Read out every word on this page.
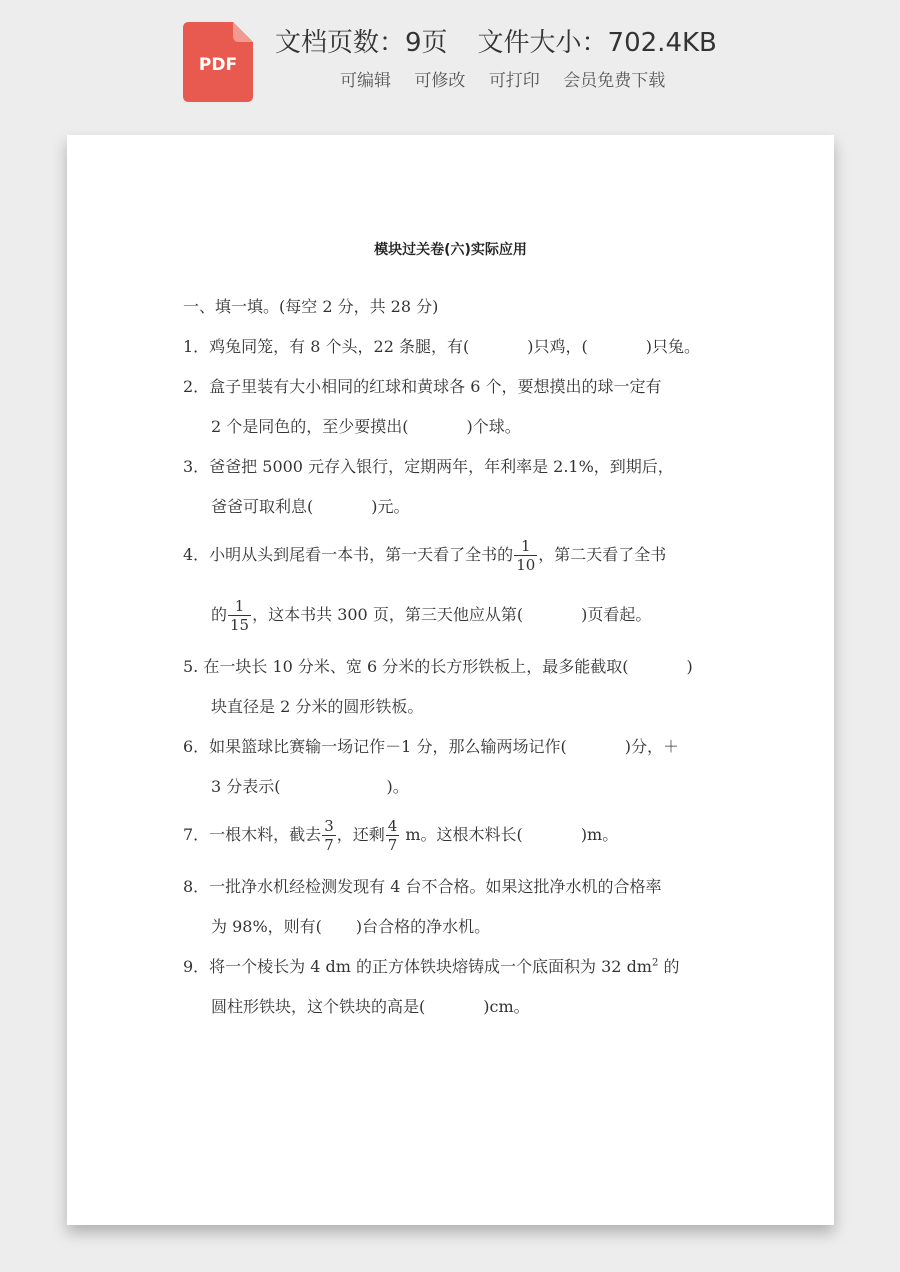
PDF
文档页数：9页 文件大小：702.4KB
可编辑 可修改 可打印 会员免费下载
模块过关卷(六)实际应用
一、填一填。(每空 2 分，共 28 分)
1．鸡兔同笼，有 8 个头，22 条腿，有(	)只鸡，(	)只兔。
2．盒子里装有大小相同的红球和黄球各 6 个，要想摸出的球一定有
2 个是同色的，至少要摸出(	)个球。
3．爸爸把 5000 元存入银行，定期两年，年利率是 2.1%，到期后，
爸爸可取利息(	)元。
4．小明从头到尾看一本书，第一天看了全书的 $\frac{1}{10}$ ，第二天看了全书
的 $\frac{1}{15}$ ，这本书共 300 页，第三天他应从第(	)页看起。
5. 在一块长 10 分米、宽 6 分米的长方形铁板上，最多能截取(	)
块直径是 2 分米的圆形铁板。
6．如果篮球比赛输一场记作－1 分，那么输两场记作(	)分，＋
3 分表示(	)。
7．一根木料，截去 $\frac{3}{7}$ ，还剩 $\frac{4}{7}$ m。这根木料长(	)m。
8．一批净水机经检测发现有 4 台不合格。如果这批净水机的合格率
为 98%，则有( )台合格的净水机。
9．将一个棱长为 4 dm 的正方体铁块熔铸成一个底面积为 32 $dm^2$ 的
圆柱形铁块，这个铁块的高是(	)cm。
